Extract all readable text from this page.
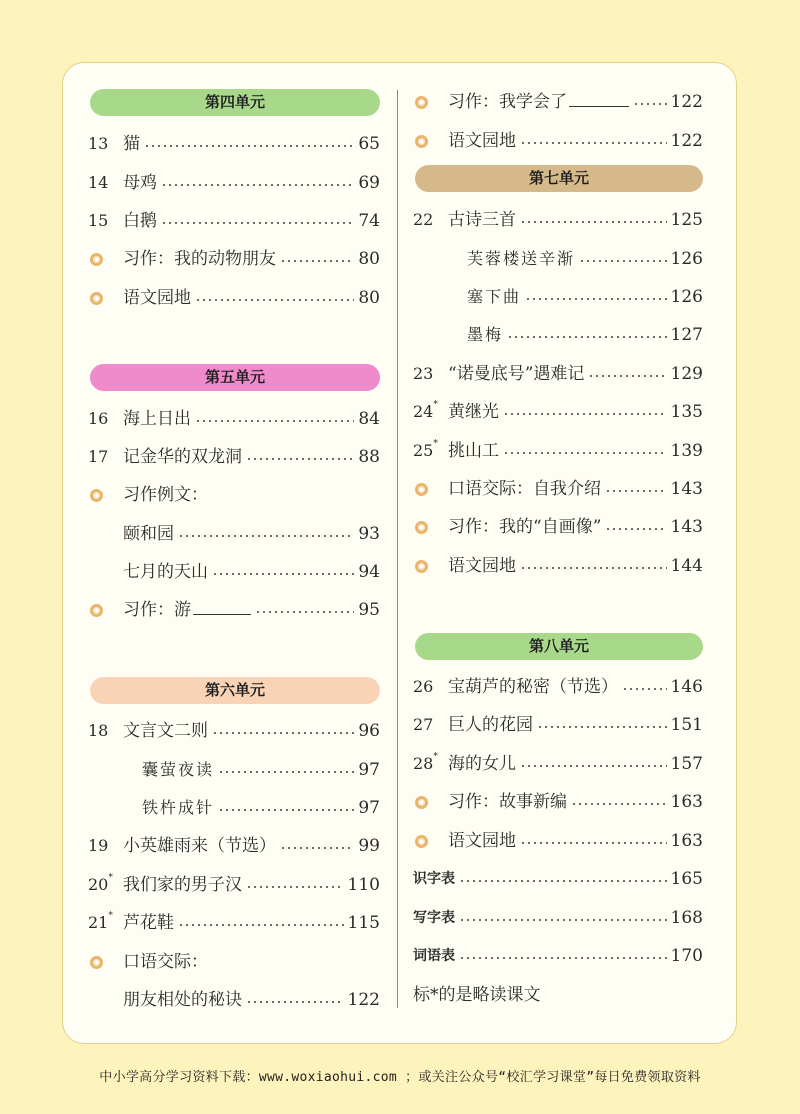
第四单元
13 猫	65
14 母鸡	69
15 白鹅	74
习作：我的动物朋友	80
语文园地	80
第五单元
16 海上日出	84
17 记金华的双龙洞	88
习作例文：
颐和园	93
七月的天山	94
习作：游	95
第六单元
18 文言文二则	96
囊萤夜读	97
铁杵成针	97
19 小英雄雨来（节选）	99
20* 我们家的男子汉	110
21* 芦花鞋	115
口语交际：
朋友相处的秘诀	122
习作：我学会了	122
语文园地	122
第七单元
22 古诗三首	125
芙蓉楼送辛渐	126
塞下曲	126
墨梅	127
23 “诺曼底号”遇难记	129
24* 黄继光	135
25* 挑山工	139
口语交际：自我介绍	143
习作：我的“自画像”	143
语文园地	144
第八单元
26 宝葫芦的秘密（节选）	146
27 巨人的花园	151
28* 海的女儿	157
习作：故事新编	163
语文园地	163
识字表	165
写字表	168
词语表	170
标*的是略读课文
中小学高分学习资料下载：www.woxiaohui.com ；或关注公众号“校汇学习课堂”每日免费领取资料
